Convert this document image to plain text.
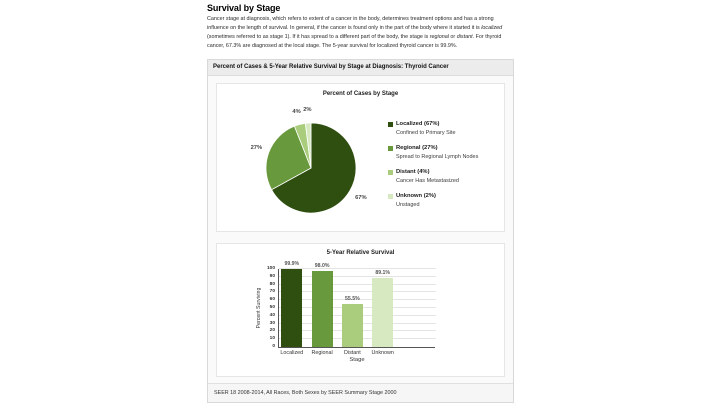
Survival by Stage

Cancer stage at diagnosis, which refers to extent of a cancer in the body, determines treatment options and has a strong influence on the length of survival. In general, if the cancer is found only in the part of the body where it started it is localized (sometimes referred to as stage 1). If it has spread to a different part of the body, the stage is regional or distant. For thyroid cancer, 67.3% are diagnosed at the local stage. The 5-year survival for localized thyroid cancer is 99.9%.

Percent of Cases & 5-Year Relative Survival by Stage at Diagnosis: Thyroid Cancer
Percent of Cases by Stage
Localized (67%)
Confined to Primary Site
Regional (27%)
Spread to Regional Lymph Nodes
Distant (4%)
Cancer Has Metastasized
Unknown (2%)
Unstaged
67%
27%
4% 2%
5-Year Relative Survival
Percent Surviving
99.9%	98.0%
55.5%
89.1%
Stage
0
10
20
30
40
50
60
70
80
90
100
Localized Regional Distant Unknown
SEER 18 2008-2014, All Races, Both Sexes by SEER Summary Stage 2000
